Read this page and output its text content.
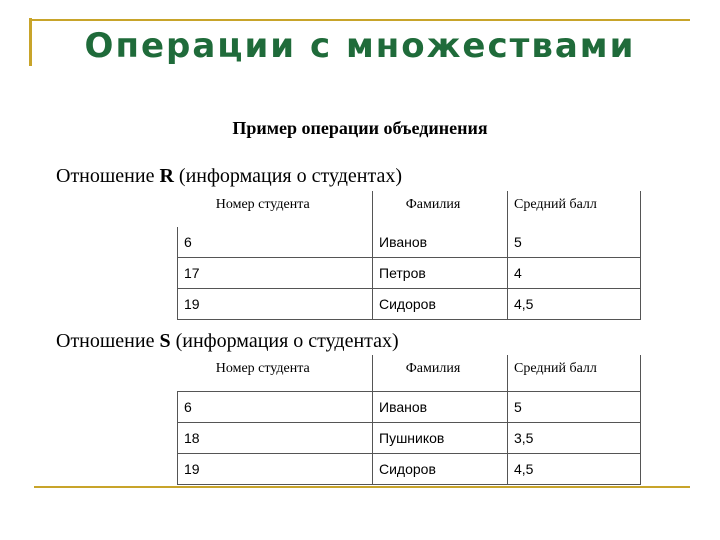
Операции с множествами
Пример операции объединения
Отношение R (информация о студентах)
Номер студента	Фамилия	Средний балл
6	Иванов	5
17	Петров	4
19	Сидоров	4,5
Отношение S (информация о студентах)
Номер студента	Фамилия	Средний балл
6	Иванов	5
18	Пушников	3,5
19	Сидоров	4,5
